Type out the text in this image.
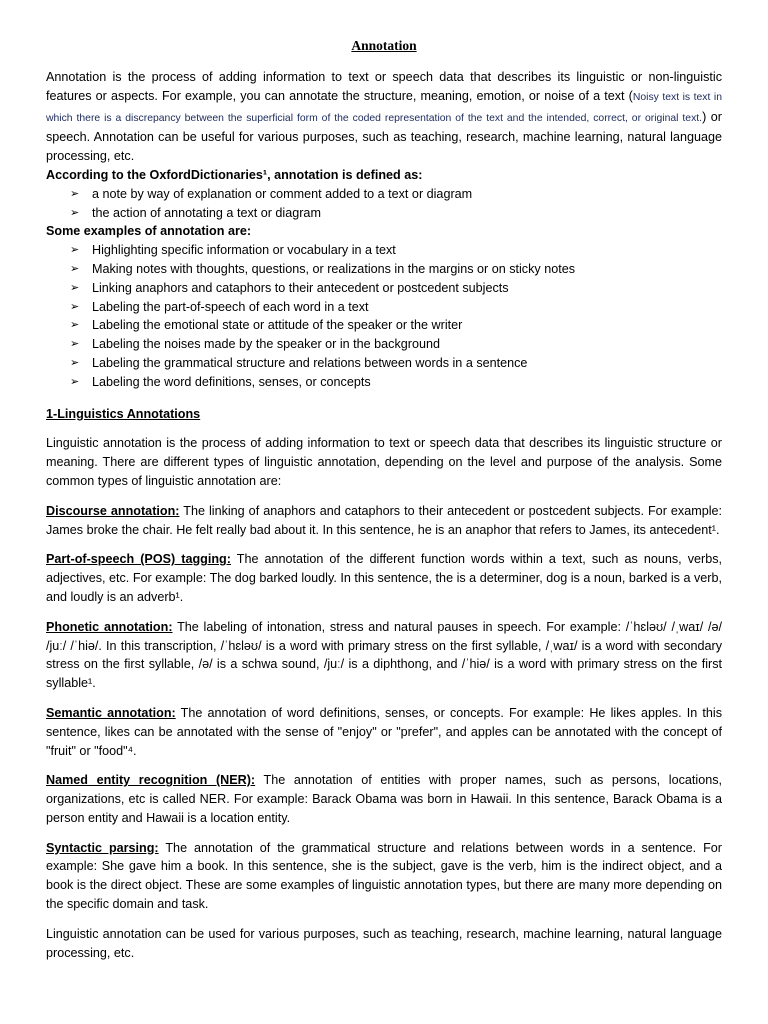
Annotation

Annotation is the process of adding information to text or speech data that describes its linguistic or non-linguistic features or aspects. For example, you can annotate the structure, meaning, emotion, or noise of a text (Noisy text is text in which there is a discrepancy between the superficial form of the coded representation of the text and the intended, correct, or original text.) or speech. Annotation can be useful for various purposes, such as teaching, research, machine learning, natural language processing, etc.

According to the OxfordDictionaries¹, annotation is defined as:

➢	a note by way of explanation or comment added to a text or diagram
➢	the action of annotating a text or diagram

Some examples of annotation are:

➢	Highlighting specific information or vocabulary in a text
➢	Making notes with thoughts, questions, or realizations in the margins or on sticky notes
➢	Linking anaphors and cataphors to their antecedent or postcedent subjects
➢	Labeling the part-of-speech of each word in a text
➢	Labeling the emotional state or attitude of the speaker or the writer
➢	Labeling the noises made by the speaker or in the background
➢	Labeling the grammatical structure and relations between words in a sentence
➢	Labeling the word definitions, senses, or concepts
1-Linguistics Annotations

Linguistic annotation is the process of adding information to text or speech data that describes its linguistic structure or meaning. There are different types of linguistic annotation, depending on the level and purpose of the analysis. Some common types of linguistic annotation are:

Discourse annotation: The linking of anaphors and cataphors to their antecedent or postcedent subjects. For example: James broke the chair. He felt really bad about it. In this sentence, he is an anaphor that refers to James, its antecedent¹.

Part-of-speech (POS) tagging: The annotation of the different function words within a text, such as nouns, verbs, adjectives, etc. For example: The dog barked loudly. In this sentence, the is a determiner, dog is a noun, barked is a verb, and loudly is an adverb¹.

Phonetic annotation: The labeling of intonation, stress and natural pauses in speech. For example: /ˈhɛləʊ/ /ˌwaɪ/ /ə/ /juː/ /ˈhiə/. In this transcription, /ˈhɛləʊ/ is a word with primary stress on the first syllable, /ˌwaɪ/ is a word with secondary stress on the first syllable, /ə/ is a schwa sound, /juː/ is a diphthong, and /ˈhiə/ is a word with primary stress on the first syllable¹.

Semantic annotation: The annotation of word definitions, senses, or concepts. For example: He likes apples. In this sentence, likes can be annotated with the sense of "enjoy" or "prefer", and apples can be annotated with the concept of "fruit" or "food"⁴.

Named entity recognition (NER): The annotation of entities with proper names, such as persons, locations, organizations, etc is called NER. For example: Barack Obama was born in Hawaii. In this sentence, Barack Obama is a person entity and Hawaii is a location entity.

Syntactic parsing: The annotation of the grammatical structure and relations between words in a sentence. For example: She gave him a book. In this sentence, she is the subject, gave is the verb, him is the indirect object, and a book is the direct object. These are some examples of linguistic annotation types, but there are many more depending on the specific domain and task.

Linguistic annotation can be used for various purposes, such as teaching, research, machine learning, natural language processing, etc.
